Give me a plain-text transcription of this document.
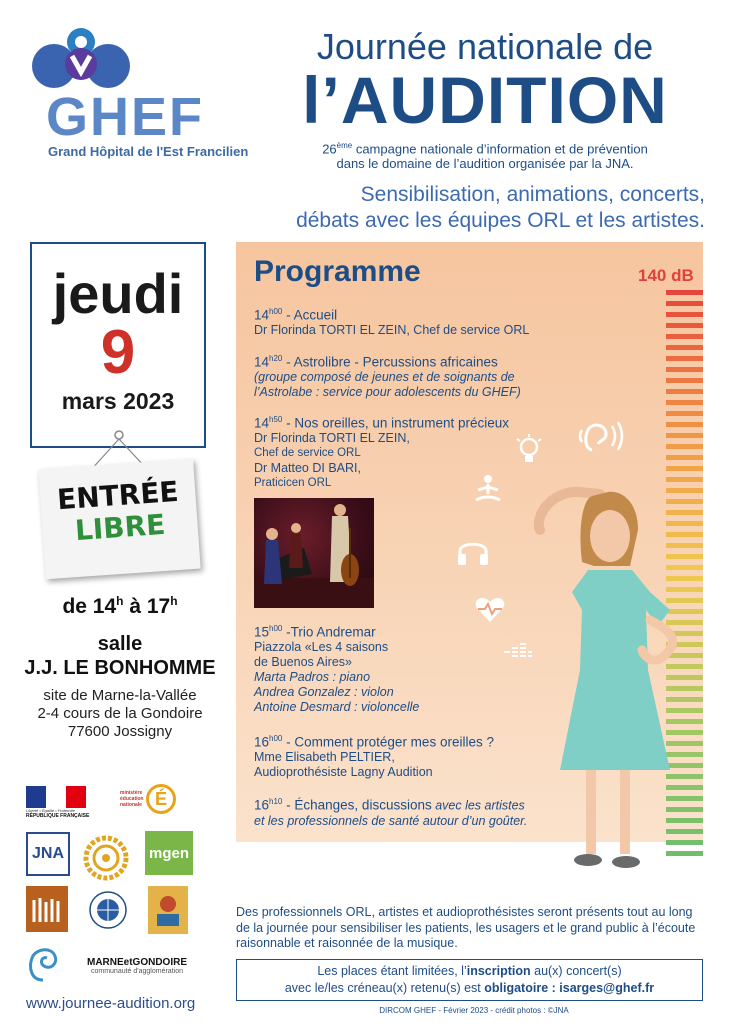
GHEF
Grand Hôpital de l'Est Francilien
Journée nationale de
l’AUDITION
26ème campagne nationale d’information et de prévention
dans le domaine de l’audition organisée par la JNA.
Sensibilisation, animations, concerts,
débats avec les équipes ORL et les artistes.
jeudi
9
mars 2023
ENTRÉE
LIBRE
de 14$^h$ à 17$^h$
salle
J.J. LE BONHOMME
site de Marne-la-Vallée
2-4 cours de la Gondoire
77600 Jossigny
Liberté • Égalité • Fraternité
RÉPUBLIQUE FRANÇAISE
ministère éducation nationale É
JNA	mgen
MARNEetGONDOIRE
communauté d'agglomération
www.journee-audition.org
Programme	140 dB
$14^{h00}$ - Accueil
Dr Florinda TORTI EL ZEIN, Chef de service ORL
$14^{h20}$ - Astrolibre - Percussions africaines
(groupe composé de jeunes et de soignants de l’Astrolabe : service pour adolescents du GHEF)
$14^{h50}$ - Nos oreilles, un instrument précieux
Dr Florinda TORTI EL ZEIN,
Chef de service ORL
Dr Matteo DI BARI,
Praticicen ORL
$15^{h00}$ -Trio Andremar
Piazzola «Les 4 saisons
de Buenos Aires»
Marta Padros : piano
Andrea Gonzalez : violon
Antoine Desmard : violoncelle
$16^{h00}$ - Comment protéger mes oreilles ?
Mme Elisabeth PELTIER,
Audioprothésiste Lagny Audition
$16^{h10}$ - Échanges, discussions avec les artistes
et les professionnels de santé autour d’un goûter.
Des professionnels ORL, artistes et audioprothésistes seront présents tout au long de la journée pour sensibiliser les patients, les usagers et le grand public à l’écoute raisonnable et raisonnée de la musique.
Les places étant limitées, l’inscription au(x) concert(s)
avec le/les créneau(x) retenu(s) est obligatoire : isarges@ghef.fr
DIRCOM GHEF - Février 2023 - crédit photos : ©JNA
